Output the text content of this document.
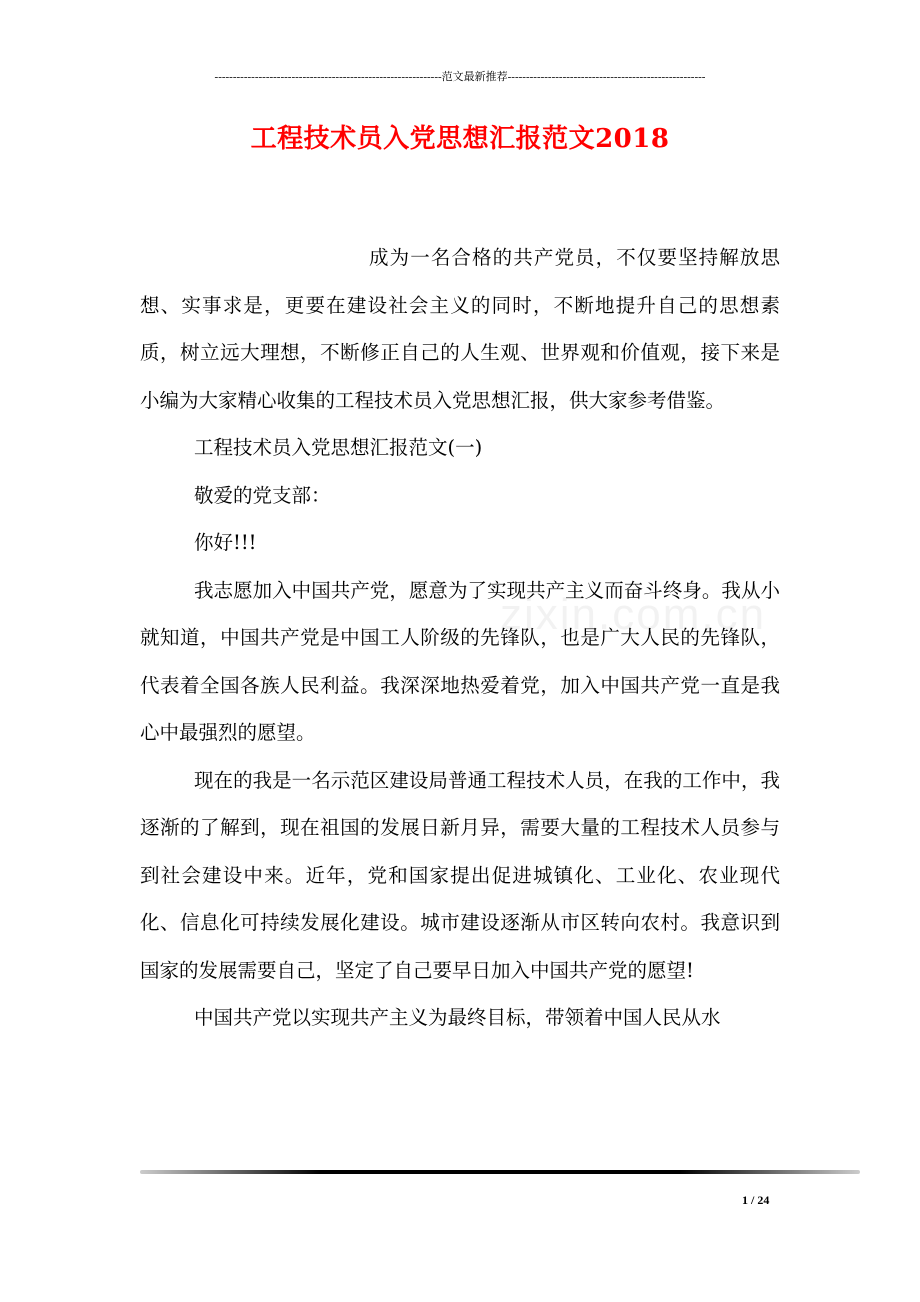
--------------------------------------------------------------范文最新推荐------------------------------------------------------
工程技术员入党思想汇报范文2018
zixin.com.cn

成为一名合格的共产党员，不仅要坚持解放思想、实事求是，更要在建设社会主义的同时，不断地提升自己的思想素质，树立远大理想，不断修正自己的人生观、世界观和价值观，接下来是小编为大家精心收集的工程技术员入党思想汇报，供大家参考借鉴。

工程技术员入党思想汇报范文(一)

敬爱的党支部：

你好!!!

我志愿加入中国共产党，愿意为了实现共产主义而奋斗终身。我从小就知道，中国共产党是中国工人阶级的先锋队，也是广大人民的先锋队，代表着全国各族人民利益。我深深地热爱着党，加入中国共产党一直是我心中最强烈的愿望。

现在的我是一名示范区建设局普通工程技术人员，在我的工作中，我逐渐的了解到，现在祖国的发展日新月异，需要大量的工程技术人员参与到社会建设中来。近年，党和国家提出促进城镇化、工业化、农业现代化、信息化可持续发展化建设。城市建设逐渐从市区转向农村。我意识到国家的发展需要自己，坚定了自己要早日加入中国共产党的愿望!

中国共产党以实现共产主义为最终目标，带领着中国人民从水

1 / 24
